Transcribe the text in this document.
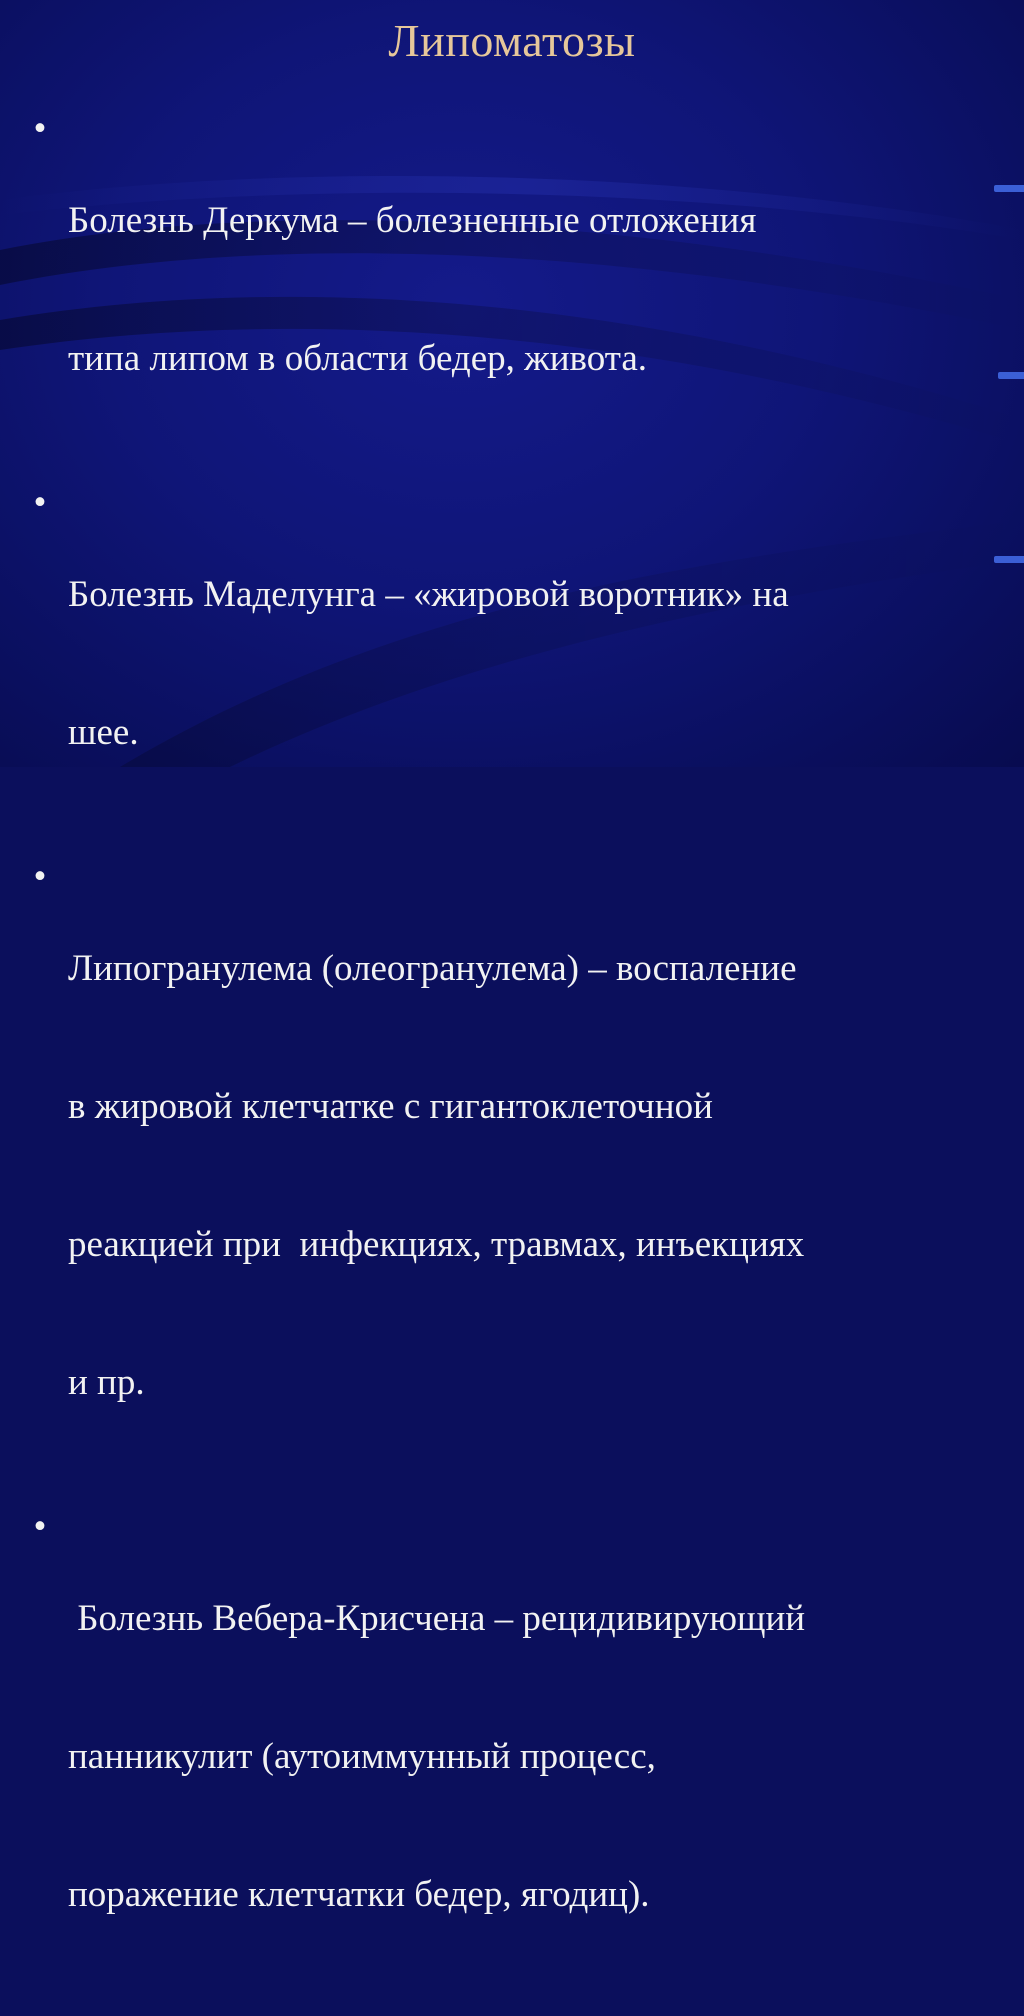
Липоматозы
•

Болезнь Деркума – болезненные отложения

типа липом в области бедер, живота.

•

Болезнь Маделунга – «жировой воротник» на

шее.

•

Липогранулема (олеогранулема) – воспаление

в жировой клетчатке с гигантоклеточной

реакцией при  инфекциях, травмах, инъекциях

и пр.

•

Болезнь Вебера-Крисчена – рецидивирующий

панникулит (аутоиммунный процесс,

поражение клетчатки бедер, ягодиц).
